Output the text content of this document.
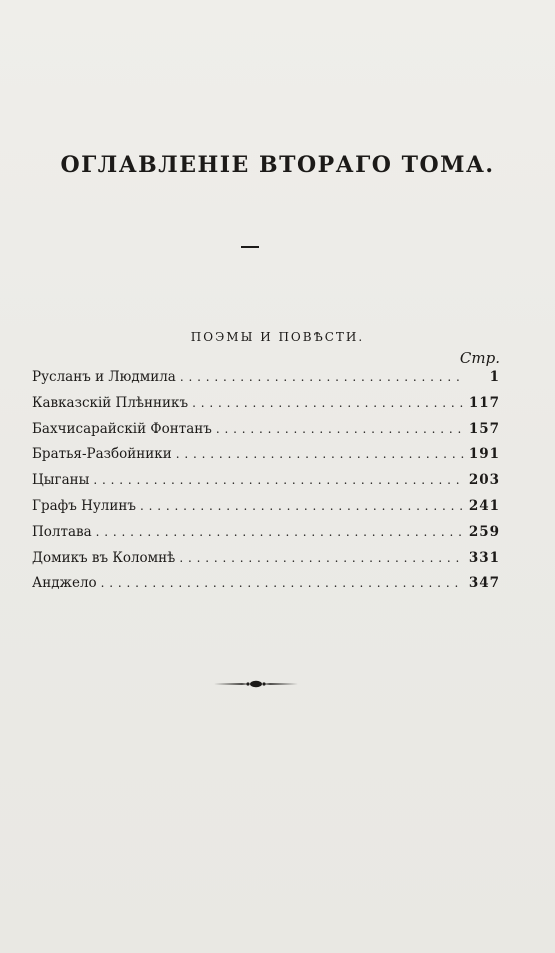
ОГЛАВЛЕНІЕ ВТОРАГО ТОМА.
ПОЭМЫ И ПОВѢСТИ.
Стр.
Русланъ и Людмила . . .	1
Кавказскій Плѣнникъ . . .	117
Бахчисарайскій Фонтанъ . . .	157
Братья-Разбойники . . .	191
Цыганы . . .	203
Графъ Нулинъ . . .	241
Полтава . . .	259
Домикъ въ Коломнѣ . . .	331
Анджело . . .	347
